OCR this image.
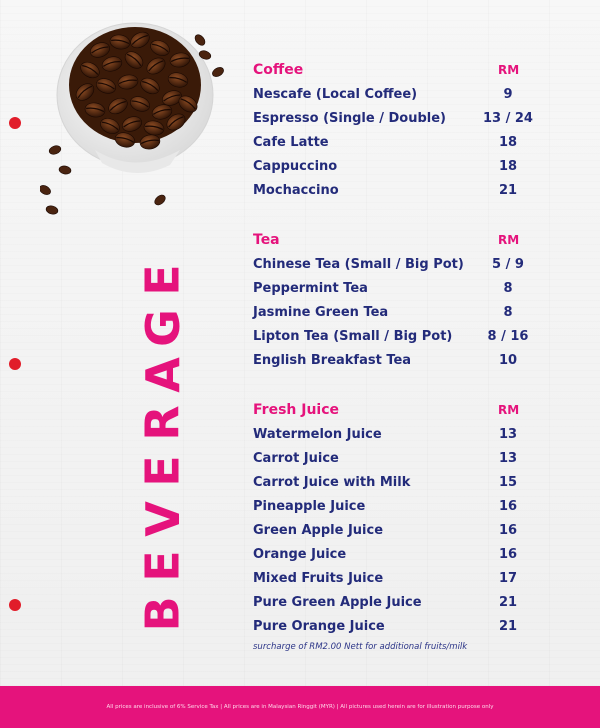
E
G
A
R
E
V
E
B
Coffee	RM
Nescafe (Local Coffee)	9
Espresso (Single / Double)	13 / 24
Cafe Latte	18
Cappuccino	18
Mochaccino	21
Tea	RM
Chinese Tea (Small / Big Pot)	5 / 9
Peppermint Tea	8
Jasmine Green Tea	8
Lipton Tea (Small / Big Pot)	8 / 16
English Breakfast Tea	10
Fresh Juice	RM
Watermelon Juice	13
Carrot Juice	13
Carrot Juice with Milk	15
Pineapple Juice	16
Green Apple Juice	16
Orange Juice	16
Mixed Fruits Juice	17
Pure Green Apple Juice	21
Pure Orange Juice	21
surcharge of RM2.00 Nett for additional fruits/milk
All prices are inclusive of 6% Service Tax | All prices are in Malaysian Ringgit (MYR) | All pictures used herein are for illustration purpose only
